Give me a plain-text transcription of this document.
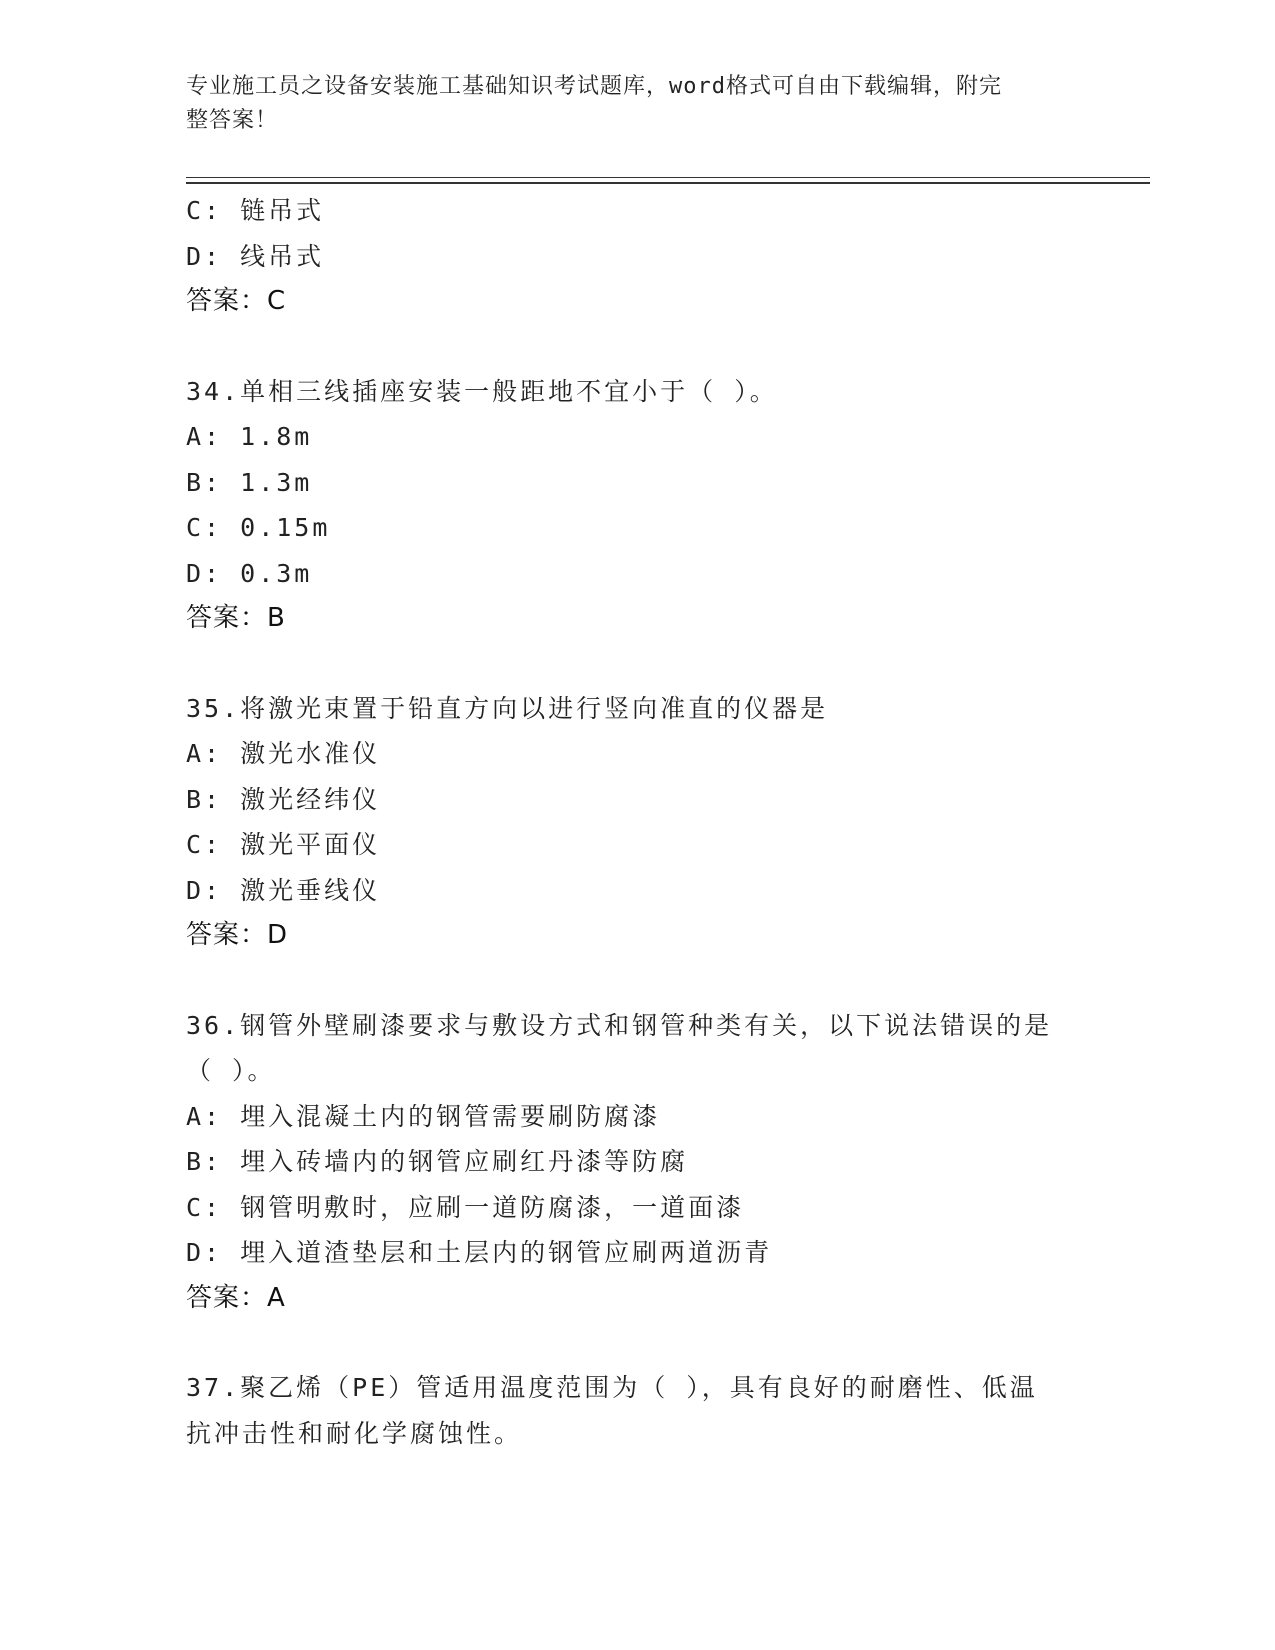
专业施工员之设备安装施工基础知识考试题库，word格式可自由下载编辑，附完
整答案！
C: 链吊式
D: 线吊式
答案：C
34.单相三线插座安装一般距地不宜小于（ ）。
A: 1.8m
B: 1.3m
C: 0.15m
D: 0.3m
答案：B
35.将激光束置于铅直方向以进行竖向准直的仪器是
A: 激光水准仪
B: 激光经纬仪
C: 激光平面仪
D: 激光垂线仪
答案：D
36.钢管外壁刷漆要求与敷设方式和钢管种类有关，以下说法错误的是
（ ）。
A: 埋入混凝土内的钢管需要刷防腐漆
B: 埋入砖墙内的钢管应刷红丹漆等防腐
C: 钢管明敷时，应刷一道防腐漆，一道面漆
D: 埋入道渣垫层和土层内的钢管应刷两道沥青
答案：A
37.聚乙烯（PE）管适用温度范围为（ ），具有良好的耐磨性、低温
抗冲击性和耐化学腐蚀性。
